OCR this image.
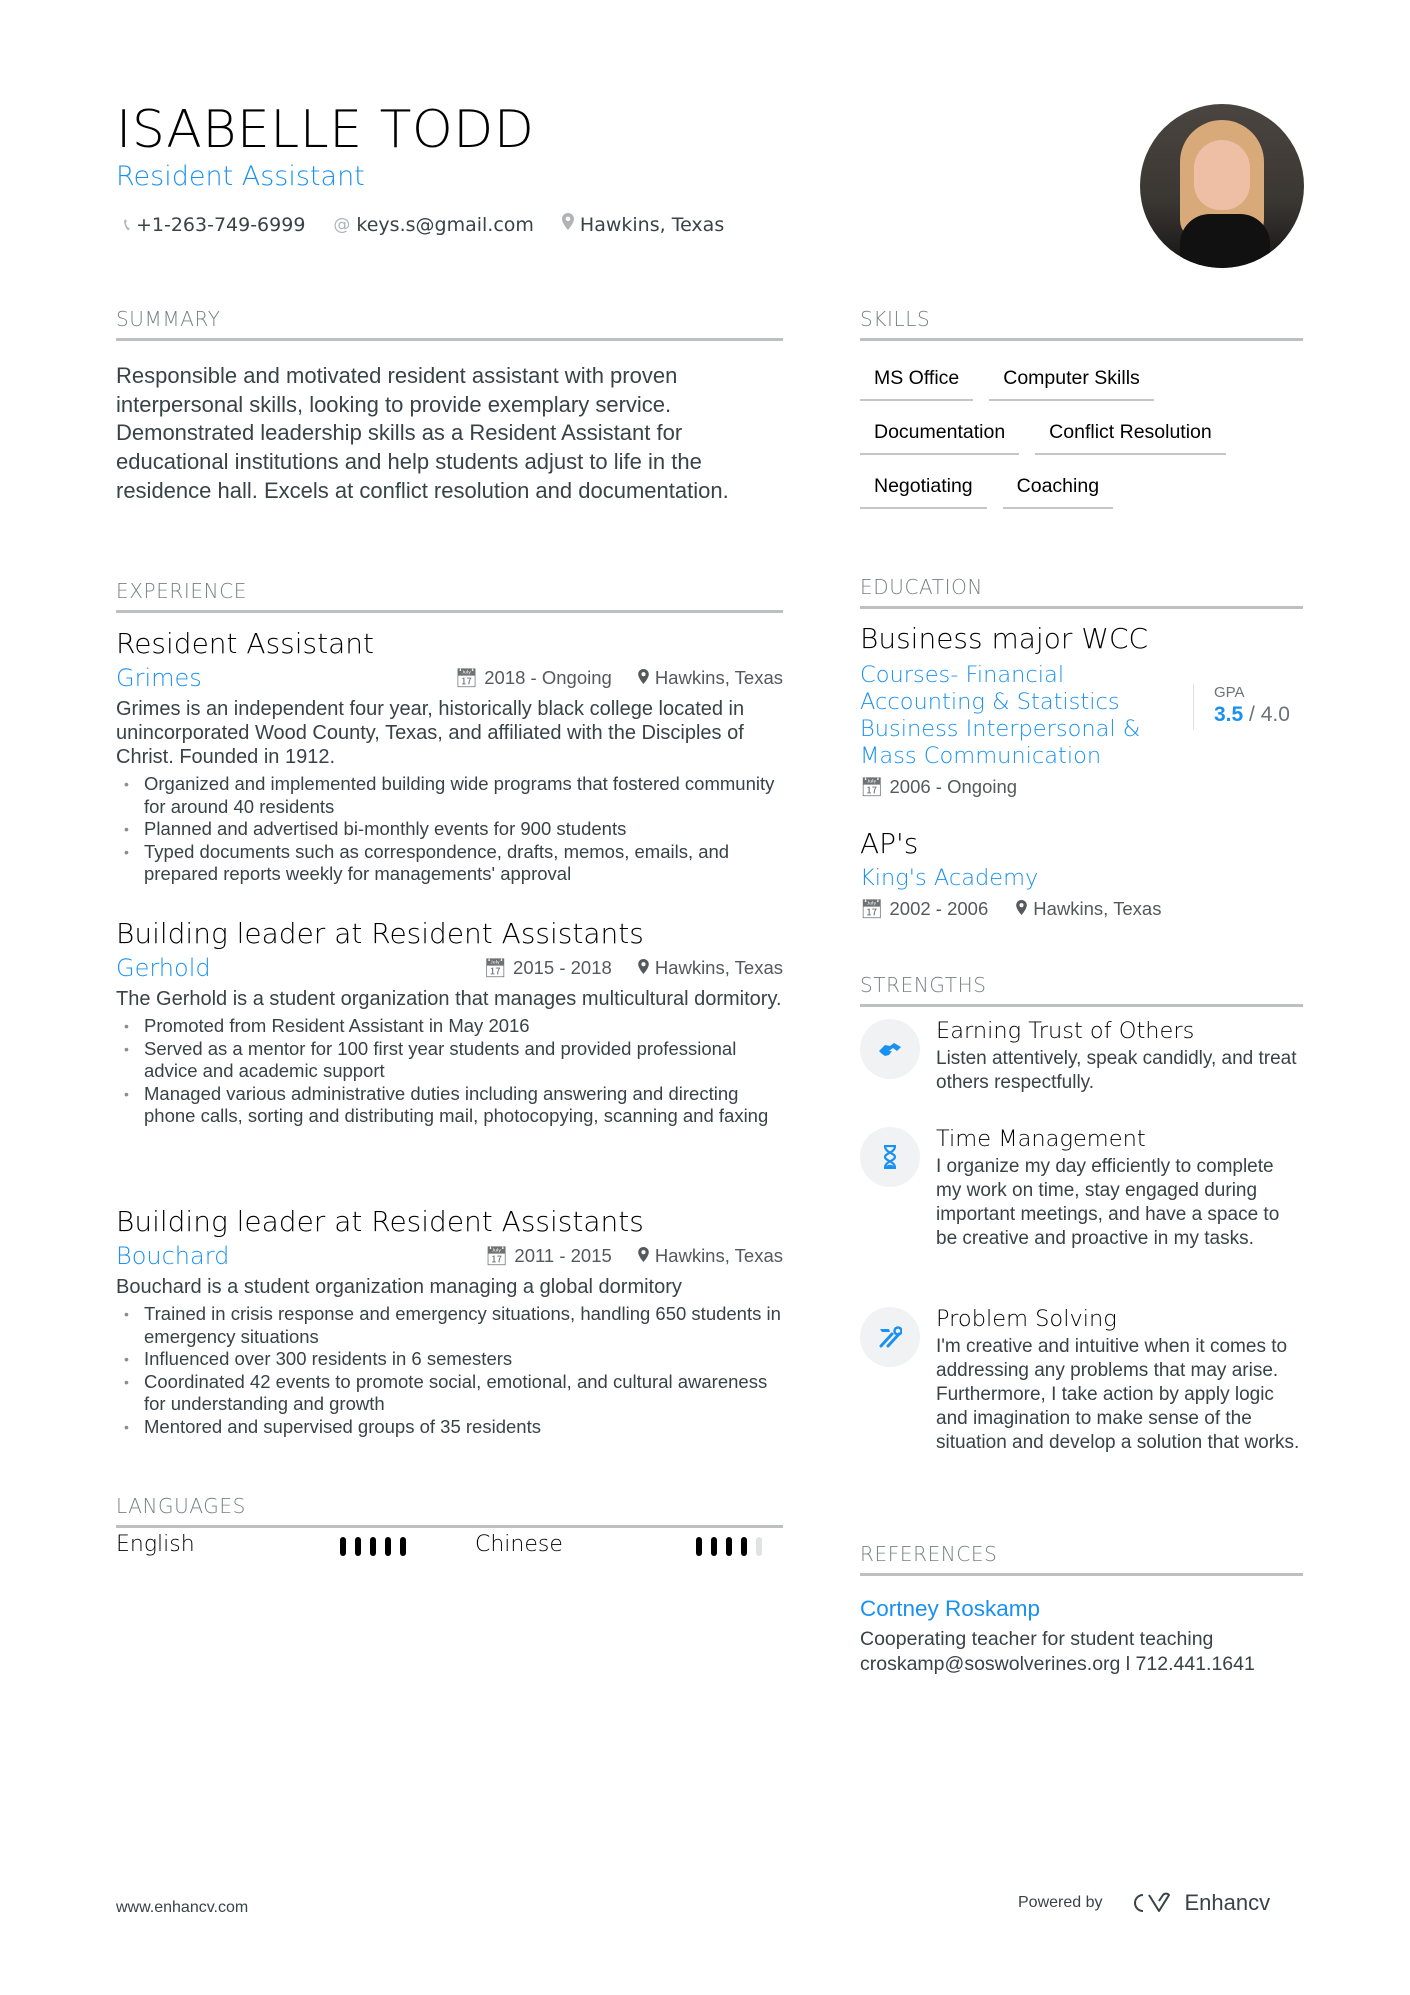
ISABELLE TODD
Resident Assistant
📞︎ +1-263-749-6999 @ keys.s@gmail.com Hawkins, Texas
SUMMARY
Responsible and motivated resident assistant with proven interpersonal skills, looking to provide exemplary service. Demonstrated leadership skills as a Resident Assistant for educational institutions and help students adjust to life in the residence hall. Excels at conflict resolution and documentation.
EXPERIENCE
Resident Assistant
Grimes	📅︎ 2018 - Ongoing	Hawkins, Texas
Grimes is an independent four year, historically black college located in unincorporated Wood County, Texas, and affiliated with the Disciples of Christ. Founded in 1912.
• Organized and implemented building wide programs that fostered community for around 40 residents
• Planned and advertised bi-monthly events for 900 students
• Typed documents such as correspondence, drafts, memos, emails, and prepared reports weekly for managements' approval
Building leader at Resident Assistants
Gerhold	📅︎ 2015 - 2018	Hawkins, Texas
The Gerhold is a student organization that manages multicultural dormitory.
• Promoted from Resident Assistant in May 2016
• Served as a mentor for 100 first year students and provided professional advice and academic support
• Managed various administrative duties including answering and directing phone calls, sorting and distributing mail, photocopying, scanning and faxing
Building leader at Resident Assistants
Bouchard	📅︎ 2011 - 2015	Hawkins, Texas
Bouchard is a student organization managing a global dormitory
• Trained in crisis response and emergency situations, handling 650 students in emergency situations
• Influenced over 300 residents in 6 semesters
• Coordinated 42 events to promote social, emotional, and cultural awareness for understanding and growth
• Mentored and supervised groups of 35 residents
LANGUAGES
English	Chinese
SKILLS
MS Office	Computer Skills
Documentation	Conflict Resolution
Negotiating	Coaching
EDUCATION
Business major WCC
Courses- Financial Accounting & Statistics Business Interpersonal & Mass Communication
GPA
3.5 / 4.0
📅︎ 2006 - Ongoing
AP's
King's Academy
📅︎ 2002 - 2006	Hawkins, Texas
STRENGTHS
Earning Trust of Others
Listen attentively, speak candidly, and treat others respectfully.
Time Management
I organize my day efficiently to complete my work on time, stay engaged during important meetings, and have a space to be creative and proactive in my tasks.
Problem Solving
I'm creative and intuitive when it comes to addressing any problems that may arise. Furthermore, I take action by apply logic and imagination to make sense of the situation and develop a solution that works.
REFERENCES
Cortney Roskamp
Cooperating teacher for student teaching
croskamp@soswolverines.org l 712.441.1641
www.enhancv.com	Powered by	Enhancv
